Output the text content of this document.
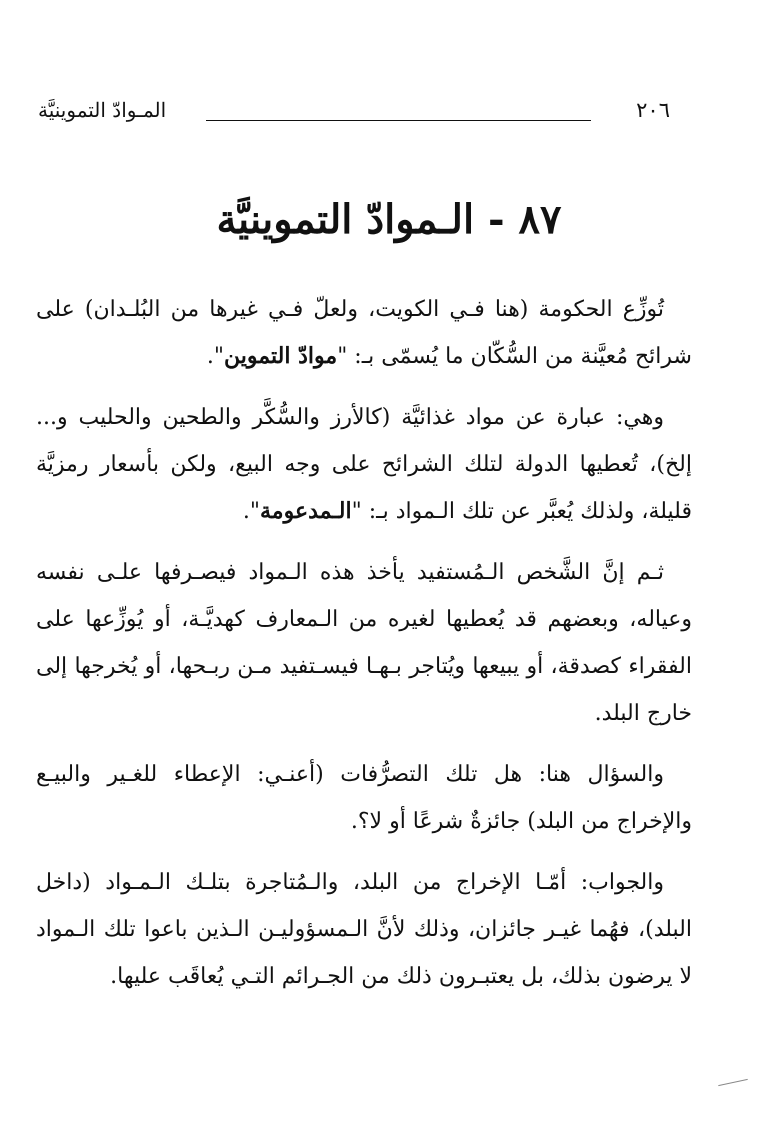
٢٠٦
المـوادّ التموينيَّة
٨٧ - الـموادّ التموينيَّة

تُوزِّع الحكومة (هنا فـي الكويت، ولعلّ فـي غيرها من البُلـدان) على شرائح مُعيَّنة من السُّكّان ما يُسمّى بـ: "موادّ التموين".

وهي: عبارة عن مواد غذائيَّة (كالأرز والسُّكَّر والطحين والحليب و... إلخ)، تُعطيها الدولة لتلك الشرائح على وجه البيع، ولكن بأسعار رمزيَّة قليلة، ولذلك يُعبَّر عن تلك الـمواد بـ: "الـمدعومة".

ثـم إنَّ الشَّخص الـمُستفيد يأخذ هذه الـمواد فيصـرفها علـى نفسه وعياله، وبعضهم قد يُعطيها لغيره من الـمعارف كهديَّـة، أو يُوزِّعها على الفقراء كصدقة، أو يبيعها ويُتاجر بـهـا فيسـتفيد مـن ربـحها، أو يُخرجها إلى خارج البلد.

والسؤال هنا: هل تلك التصرُّفات (أعنـي: الإعطاء للغـير والبيـع والإخراج من البلد) جائزةٌ شرعًا أو لا؟.

والجواب: أمّـا الإخراج من البلد، والـمُتاجرة بتلـك الـمـواد (داخل البلد)، فهُما غيـر جائزان، وذلك لأنَّ الـمسؤوليـن الـذين باعوا تلك الـمواد لا يرضون بذلك، بل يعتبـرون ذلك من الجـرائم التـي يُعاقَب عليها.
